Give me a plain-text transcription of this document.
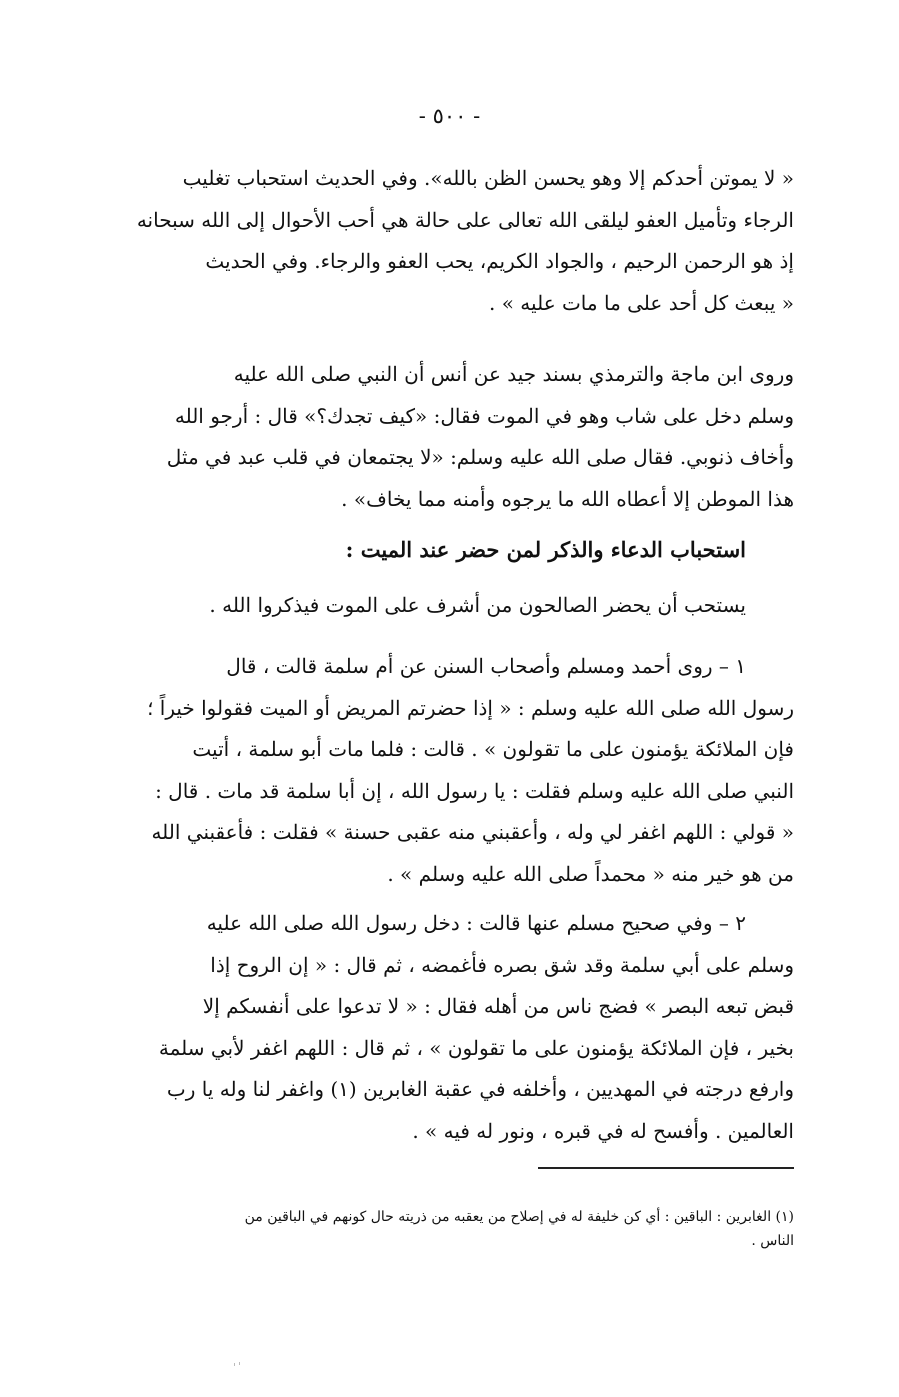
- ٥٠٠ -

« لا يموتن أحدكم إلا وهو يحسن الظن بالله». وفي الحديث استحباب تغليب

الرجاء وتأميل العفو ليلقى الله تعالى على حالة هي أحب الأحوال إلى الله سبحانه

إذ هو الرحمن الرحيم ، والجواد الكريم، يحب العفو والرجاء. وفي الحديث

« يبعث كل أحد على ما مات عليه » .

وروى ابن ماجة والترمذي بسند جيد عن أنس أن النبي صلى الله عليه

وسلم دخل على شاب وهو في الموت فقال: «كيف تجدك؟» قال : أرجو الله

وأخاف ذنوبي. فقال صلى الله عليه وسلم: «لا يجتمعان في قلب عبد في مثل

هذا الموطن إلا أعطاه الله ما يرجوه وأمنه مما يخاف» .

استحباب الدعاء والذكر لمن حضر عند الميت :

يستحب أن يحضر الصالحون من أشرف على الموت فيذكروا الله .

١ – روى أحمد ومسلم وأصحاب السنن عن أم سلمة قالت ، قال

رسول الله صلى الله عليه وسلم : « إذا حضرتم المريض أو الميت فقولوا خيراً ؛

فإن الملائكة يؤمنون على ما تقولون » . قالت : فلما مات أبو سلمة ، أتيت

النبي صلى الله عليه وسلم فقلت : يا رسول الله ، إن أبا سلمة قد مات . قال :

« قولي : اللهم اغفر لي وله ، وأعقبني منه عقبى حسنة » فقلت : فأعقبني الله

من هو خير منه « محمداً صلى الله عليه وسلم » .

٢ – وفي صحيح مسلم عنها قالت : دخل رسول الله صلى الله عليه

وسلم على أبي سلمة وقد شق بصره فأغمضه ، ثم قال : « إن الروح إذا

قبض تبعه البصر » فضج ناس من أهله فقال : « لا تدعوا على أنفسكم إلا

بخير ، فإن الملائكة يؤمنون على ما تقولون » ، ثم قال : اللهم اغفر لأبي سلمة

وارفع درجته في المهديين ، وأخلفه في عقبة الغابرين (١) واغفر لنا وله يا رب

العالمين . وأفسح له في قبره ، ونور له فيه » .

(١) الغابرين : الباقين : أي كن خليفة له في إصلاح من يعقبه من ذريته حال كونهم في الباقين من

الناس .
